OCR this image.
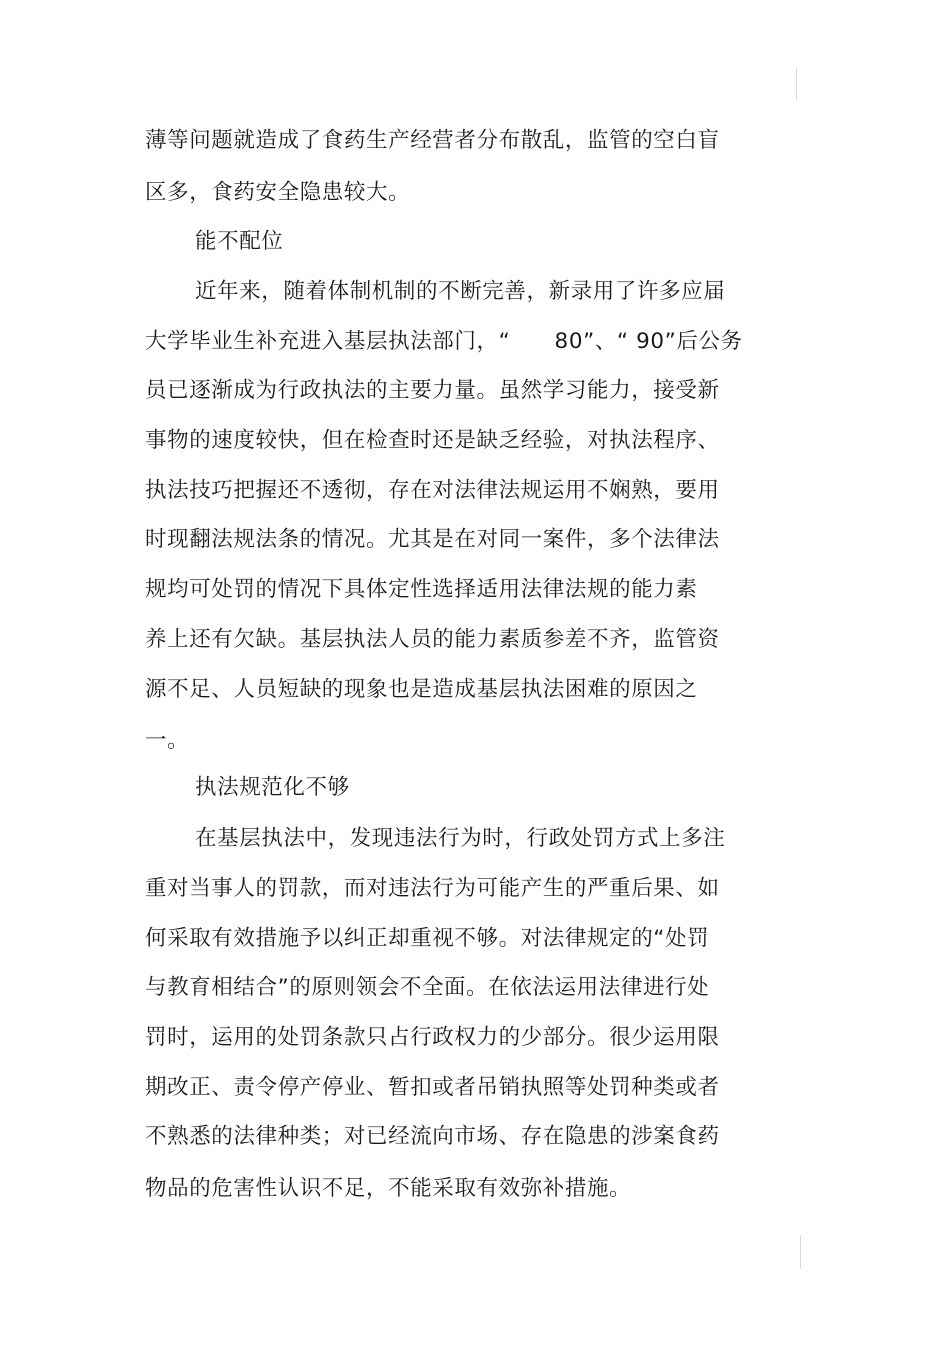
薄等问题就造成了食药生产经营者分布散乱，监管的空白盲
区多，食药安全隐患较大。
能不配位
近年来，随着体制机制的不断完善，新录用了许多应届
大学毕业生补充进入基层执法部门，“　　80”、“ 90”后公务
员已逐渐成为行政执法的主要力量。虽然学习能力，接受新
事物的速度较快，但在检查时还是缺乏经验，对执法程序、
执法技巧把握还不透彻，存在对法律法规运用不娴熟，要用
时现翻法规法条的情况。尤其是在对同一案件，多个法律法
规均可处罚的情况下具体定性选择适用法律法规的能力素
养上还有欠缺。基层执法人员的能力素质参差不齐，监管资
源不足、人员短缺的现象也是造成基层执法困难的原因之
一。
执法规范化不够
在基层执法中，发现违法行为时，行政处罚方式上多注
重对当事人的罚款，而对违法行为可能产生的严重后果、如
何采取有效措施予以纠正却重视不够。对法律规定的“处罚
与教育相结合”的原则领会不全面。在依法运用法律进行处
罚时，运用的处罚条款只占行政权力的少部分。很少运用限
期改正、责令停产停业、暂扣或者吊销执照等处罚种类或者
不熟悉的法律种类；对已经流向市场、存在隐患的涉案食药
物品的危害性认识不足，不能采取有效弥补措施。
